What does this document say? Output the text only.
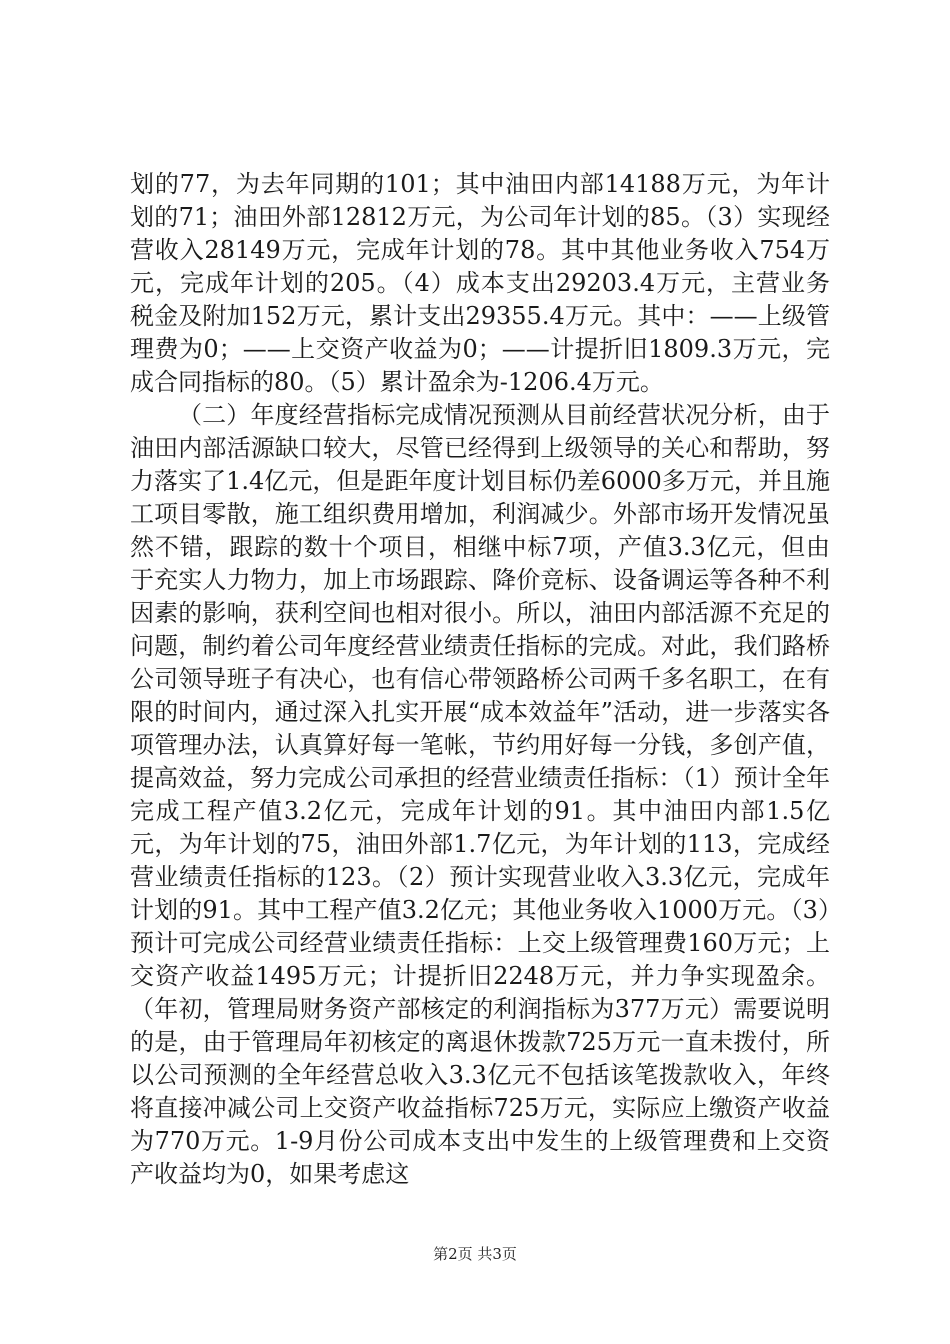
划的77，为去年同期的101；其中油田内部14188万元，为年计划的71；油田外部12812万元，为公司年计划的85。（3）实现经营收入28149万元，完成年计划的78。其中其他业务收入754万元，完成年计划的205。（4）成本支出29203.4万元，主营业务税金及附加152万元，累计支出29355.4万元。其中：——上级管理费为0；——上交资产收益为0；——计提折旧1809.3万元，完成合同指标的80。（5）累计盈余为-1206.4万元。

（二）年度经营指标完成情况预测从目前经营状况分析，由于油田内部活源缺口较大，尽管已经得到上级领导的关心和帮助，努力落实了1.4亿元，但是距年度计划目标仍差6000多万元，并且施工项目零散，施工组织费用增加，利润减少。外部市场开发情况虽然不错，跟踪的数十个项目，相继中标7项，产值3.3亿元，但由于充实人力物力，加上市场跟踪、降价竞标、设备调运等各种不利因素的影响，获利空间也相对很小。所以，油田内部活源不充足的问题，制约着公司年度经营业绩责任指标的完成。对此，我们路桥公司领导班子有决心，也有信心带领路桥公司两千多名职工，在有限的时间内，通过深入扎实开展“成本效益年”活动，进一步落实各项管理办法，认真算好每一笔帐，节约用好每一分钱，多创产值，提高效益，努力完成公司承担的经营业绩责任指标：（1）预计全年完成工程产值3.2亿元，完成年计划的91。其中油田内部1.5亿元，为年计划的75，油田外部1.7亿元，为年计划的113，完成经营业绩责任指标的123。（2）预计实现营业收入3.3亿元，完成年计划的91。其中工程产值3.2亿元；其他业务收入1000万元。（3）预计可完成公司经营业绩责任指标：上交上级管理费160万元；上交资产收益1495万元；计提折旧2248万元，并力争实现盈余。（年初，管理局财务资产部核定的利润指标为377万元）需要说明的是，由于管理局年初核定的离退休拨款725万元一直未拨付，所以公司预测的全年经营总收入3.3亿元不包括该笔拨款收入，年终将直接冲减公司上交资产收益指标725万元，实际应上缴资产收益为770万元。1-9月份公司成本支出中发生的上级管理费和上交资产收益均为0，如果考虑这

第2页 共3页
